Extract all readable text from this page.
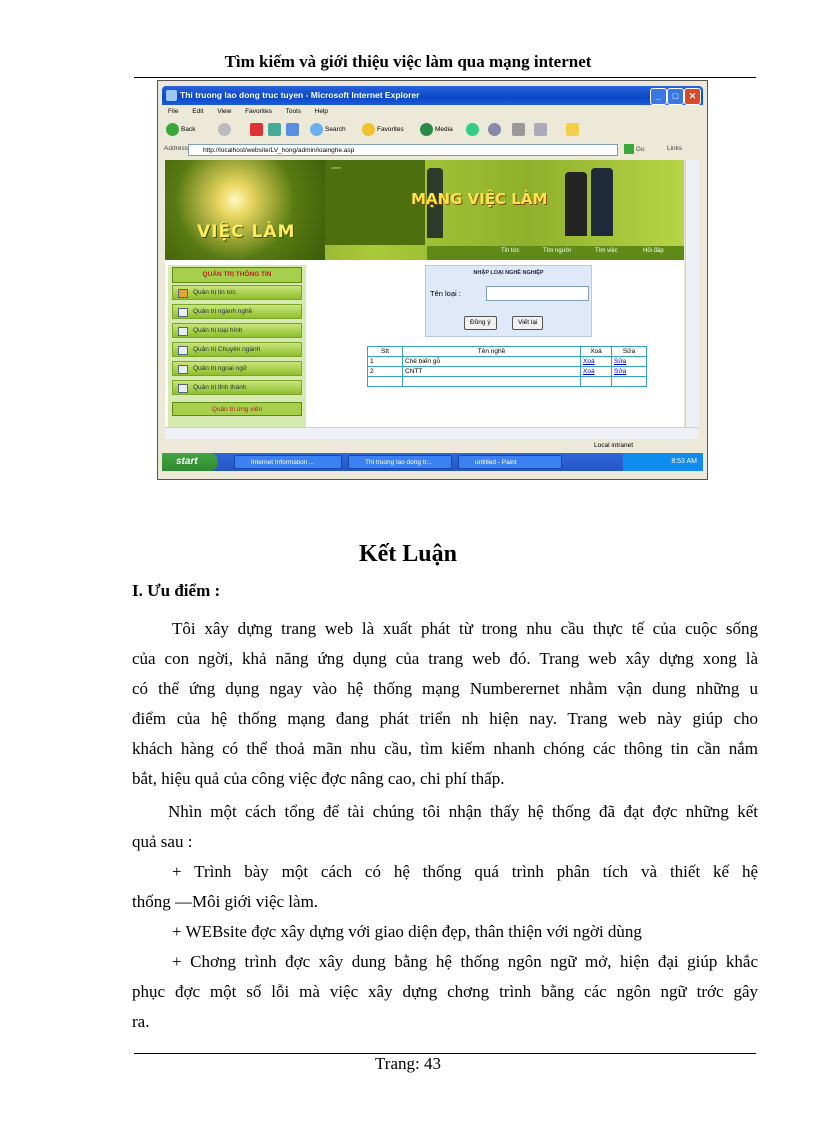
Tìm kiếm và giới thiệu việc làm qua mạng internet
Thi truong lao dong truc tuyen - Microsoft Internet Explorer	_	□	✕
File Edit View Favorites Tools Help
Back	Search	Favorites	Media
Address	http://localhost/website/LV_hong/admin/loainghe.asp	Go	Links
VIỆC LÀM
Lorem
MẠNG VIỆC LÀM
Tin tức	Tìm người	Tìm việc	Hỏi đáp
QUẢN TRỊ THÔNG TIN
Quản trị tin tức
Quản trị ngành nghề
Quản trị loại hình
Quản trị Chuyên ngành
Quản trị ngoại ngữ
Quản trị tỉnh thành
Quản trị ứng viên
NHẬP LOẠI NGHỀ NGHIỆP
Tên loại :
Đồng ý	Viết lại
Stt	Tên nghề	Xoá	Sửa
1	Chế biến gỗ	Xoá	Sửa
2	CNTT	Xoá	Sửa

Local intranet
start	Internet Information ...	Thi truong lao dong tr...	untitled - Paint	8:53 AM
Kết Luận
I. Ưu điểm :
Tôi xây dựng trang web là xuất phát từ trong nhu cầu thực tế của cuộc sống
của con ngời, khả năng ứng dụng của trang web đó. Trang web xây dựng xong là
có thể ứng dụng ngay vào hệ thống mạng Numberernet nhằm vận dung những u
điểm của hệ thống mạng đang phát triển nh hiện nay. Trang web này giúp cho
khách hàng có thể thoả mãn nhu cầu, tìm kiếm nhanh chóng các thông tin cần nắm
bắt, hiệu quả của công việc đợc nâng cao, chi phí thấp.
Nhìn một cách tổng để tài chúng tôi nhận thấy hệ thống đã đạt đợc những kết
quả sau :
+ Trình bày một cách có hệ thống quá trình phân tích và thiết kế hệ
thống —Môi giới việc làm.
+ WEBsite đợc xây dựng với giao diện đẹp, thân thiện với ngời dùng
+ Chơng trình đợc xây dung bằng hệ thống ngôn ngữ mở, hiện đại giúp khắc
phục đợc một số lỗi mà việc xây dựng chơng trình bằng các ngôn ngữ trớc gây
ra.
Trang: 43
